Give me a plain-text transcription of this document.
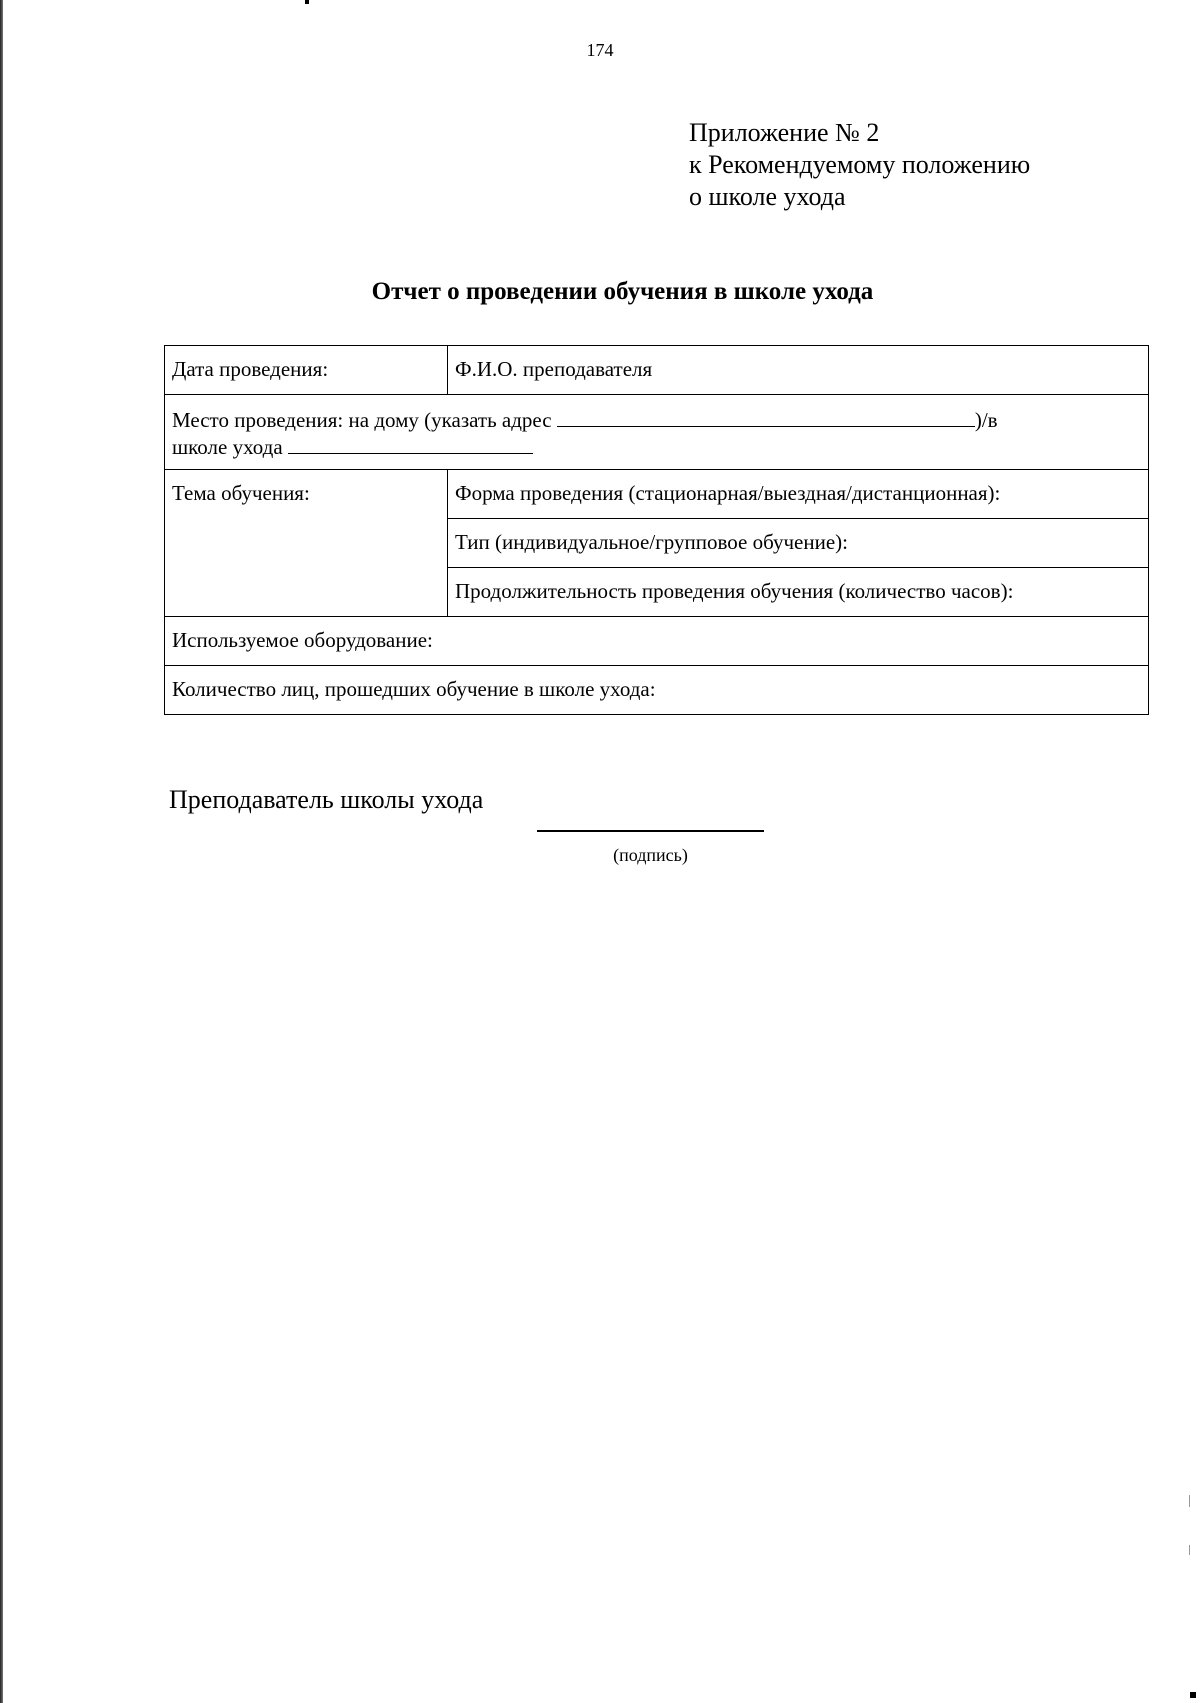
174
Приложение № 2
к Рекомендуемому положению
о школе ухода
Отчет о проведении обучения в школе ухода
Дата проведения:	Ф.И.О. преподавателя
Место проведения: на дому (указать адрес )/в
школе ухода	
Тема обучения:	Форма проведения (стационарная/выездная/дистанционная):
	Тип (индивидуальное/групповое обучение):
	Продолжительность проведения обучения (количество часов):
Используемое оборудование:	
Количество лиц, прошедших обучение в школе ухода:	
Преподаватель школы ухода
(подпись)
